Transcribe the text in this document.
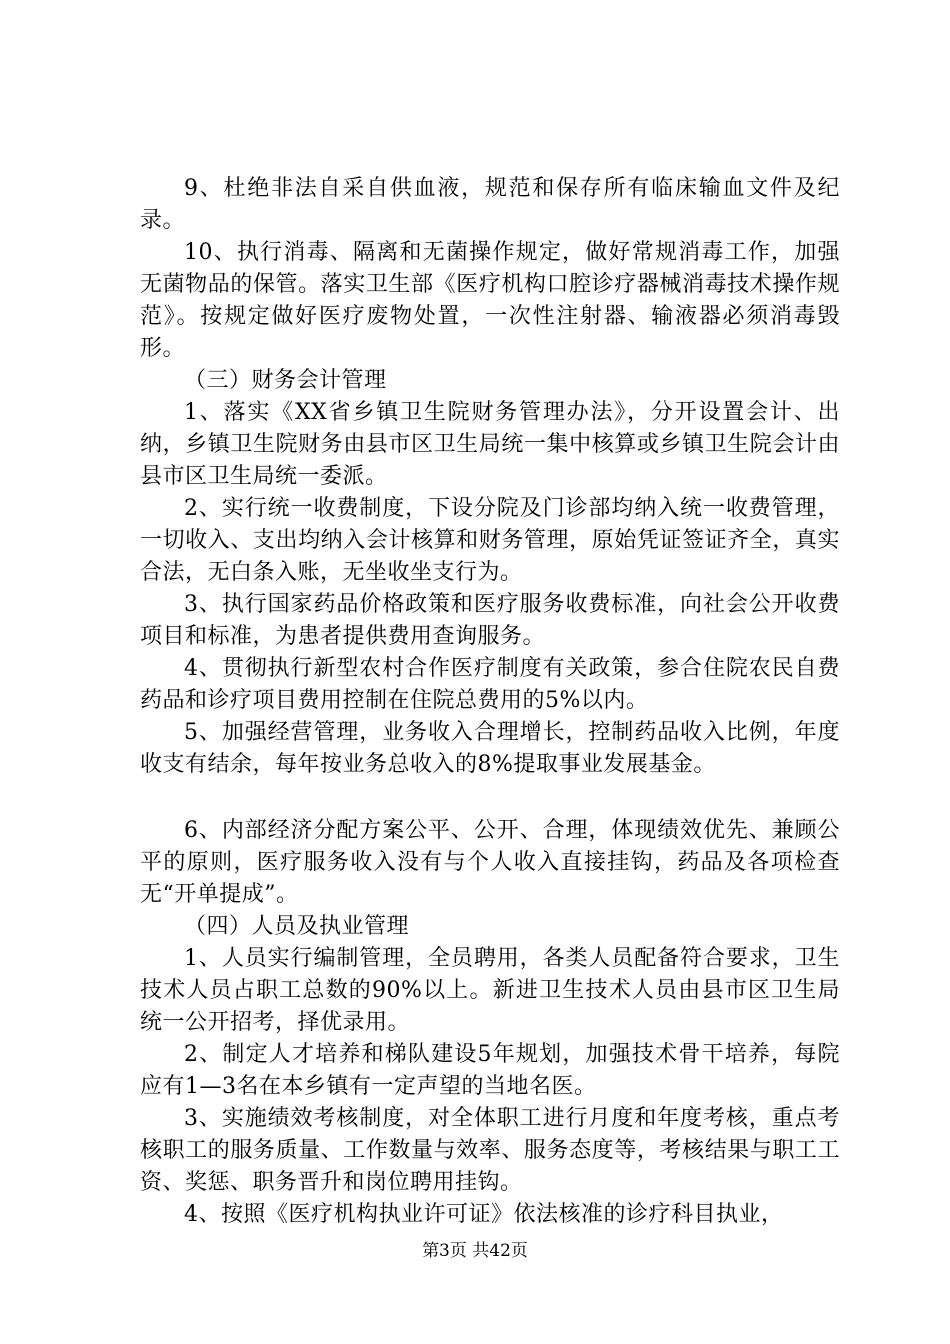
9、杜绝非法自采自供血液，规范和保存所有临床输血文件及纪录。

10、执行消毒、隔离和无菌操作规定，做好常规消毒工作，加强无菌物品的保管。落实卫生部《医疗机构口腔诊疗器械消毒技术操作规范》。按规定做好医疗废物处置，一次性注射器、输液器必须消毒毁形。

（三）财务会计管理

1、落实《XX省乡镇卫生院财务管理办法》，分开设置会计、出纳，乡镇卫生院财务由县市区卫生局统一集中核算或乡镇卫生院会计由县市区卫生局统一委派。

2、实行统一收费制度，下设分院及门诊部均纳入统一收费管理，一切收入、支出均纳入会计核算和财务管理，原始凭证签证齐全，真实合法，无白条入账，无坐收坐支行为。

3、执行国家药品价格政策和医疗服务收费标准，向社会公开收费项目和标准，为患者提供费用查询服务。

4、贯彻执行新型农村合作医疗制度有关政策，参合住院农民自费药品和诊疗项目费用控制在住院总费用的5%以内。

5、加强经营管理，业务收入合理增长，控制药品收入比例，年度收支有结余，每年按业务总收入的8%提取事业发展基金。

6、内部经济分配方案公平、公开、合理，体现绩效优先、兼顾公平的原则，医疗服务收入没有与个人收入直接挂钩，药品及各项检查无“开单提成”。

（四）人员及执业管理

1、人员实行编制管理，全员聘用，各类人员配备符合要求，卫生技术人员占职工总数的90%以上。新进卫生技术人员由县市区卫生局统一公开招考，择优录用。

2、制定人才培养和梯队建设5年规划，加强技术骨干培养，每院应有1—3名在本乡镇有一定声望的当地名医。

3、实施绩效考核制度，对全体职工进行月度和年度考核，重点考核职工的服务质量、工作数量与效率、服务态度等，考核结果与职工工资、奖惩、职务晋升和岗位聘用挂钩。

4、按照《医疗机构执业许可证》依法核准的诊疗科目执业，

第3页 共42页
